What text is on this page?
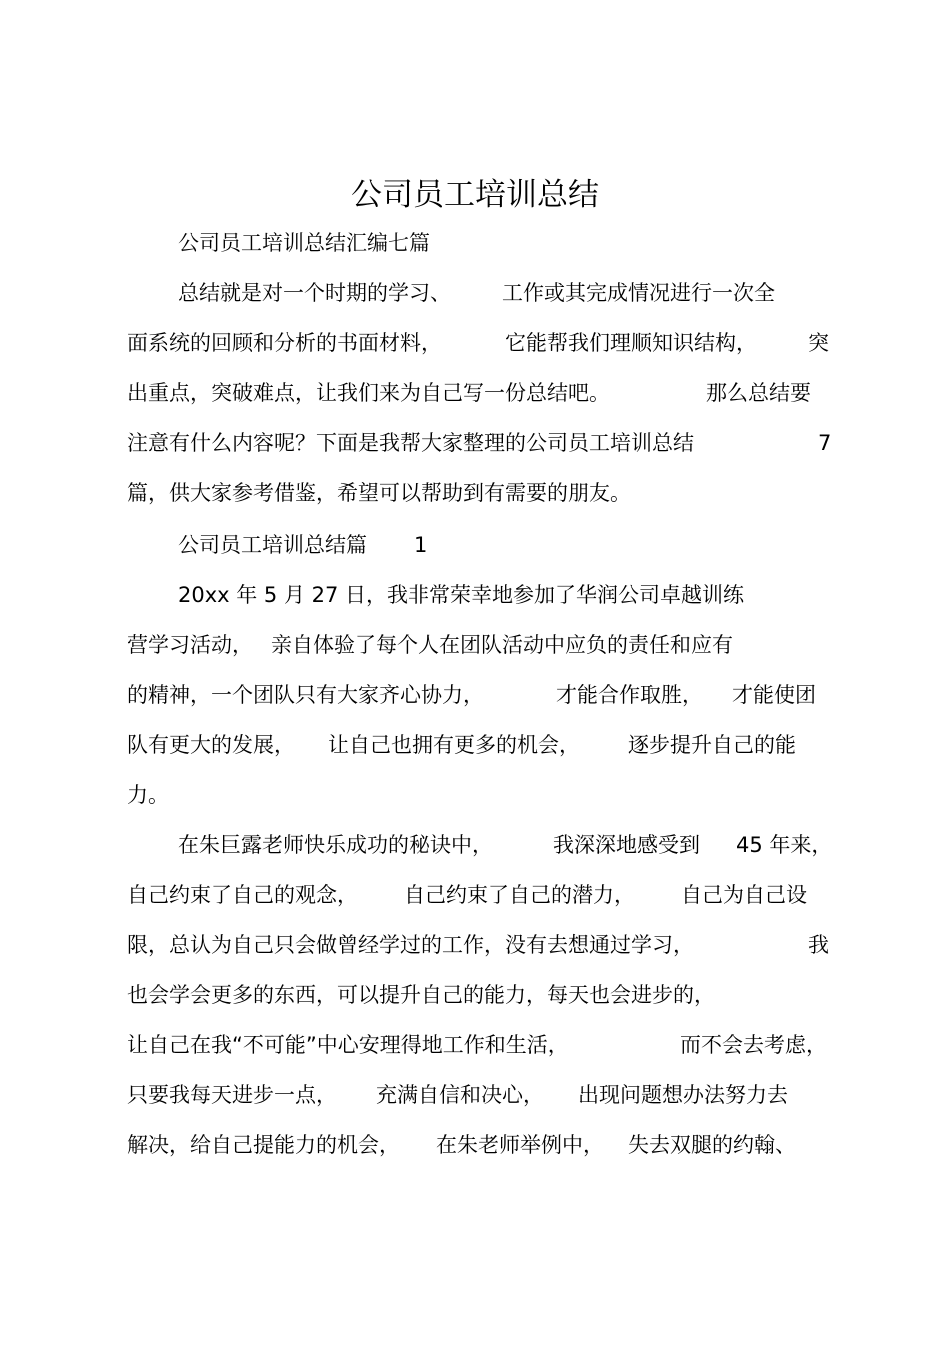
公司员工培训总结
公司员工培训总结汇编七篇
总结就是对一个时期的学习、 工作或其完成情况进行一次全
面系统的回顾和分析的书面材料，	它能帮我们理顺知识结构， 突
出重点，突破难点，让我们来为自己写一份总结吧。	那么总结要
注意有什么内容呢？下面是我帮大家整理的公司员工培训总结	7
篇，供大家参考借鉴，希望可以帮助到有需要的朋友。
公司员工培训总结篇 1
20xx 年 5 月 27 日，我非常荣幸地参加了华润公司卓越训练
营学习活动， 亲自体验了每个人在团队活动中应负的责任和应有
的精神，一个团队只有大家齐心协力，	才能合作取胜， 才能使团
队有更大的发展， 让自己也拥有更多的机会， 逐步提升自己的能
力。
在朱巨露老师快乐成功的秘诀中，	我深深地感受到 45 年来，
自己约束了自己的观念， 自己约束了自己的潜力， 自己为自己设
限，总认为自己只会做曾经学过的工作，没有去想通过学习，	我
也会学会更多的东西，可以提升自己的能力，每天也会进步的，
让自己在我“不可能”中心安理得地工作和生活，	而不会去考虑，
只要我每天进步一点， 充满自信和决心， 出现问题想办法努力去
解决，给自己提能力的机会， 在朱老师举例中， 失去双腿的约翰、
